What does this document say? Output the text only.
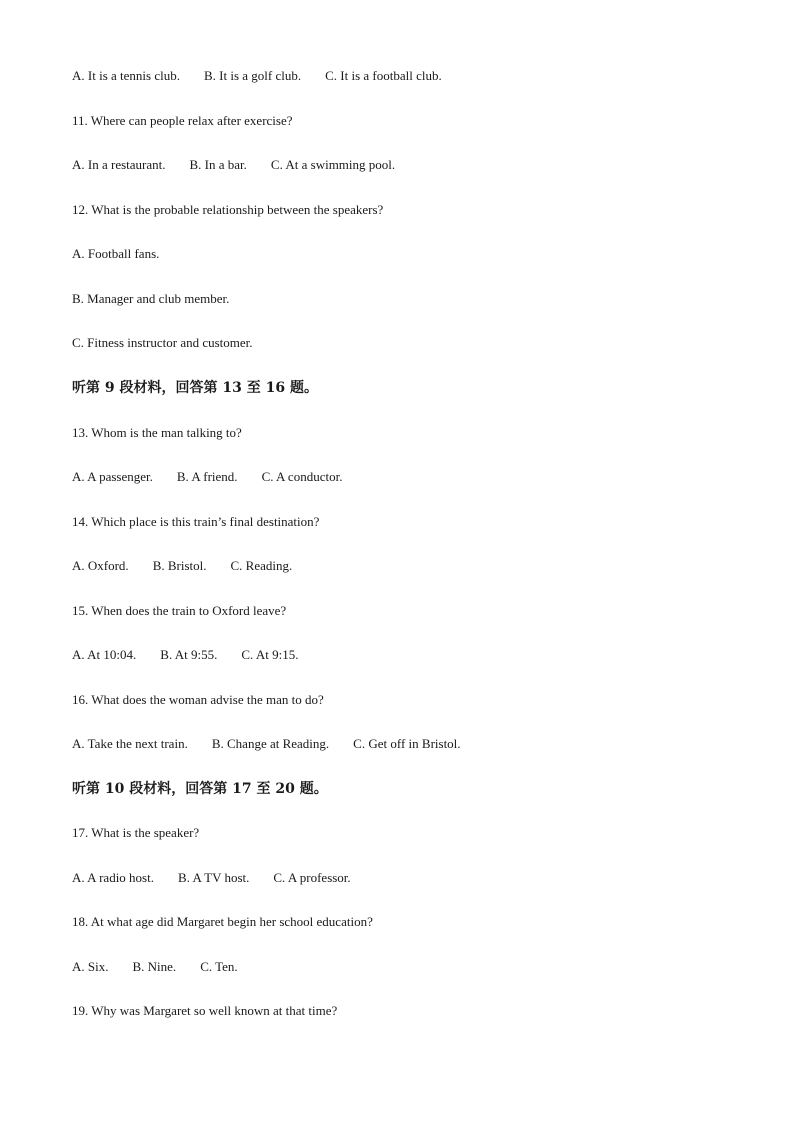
A. It is a tennis club. B. It is a golf club. C. It is a football club.
11. Where can people relax after exercise?
A. In a restaurant. B. In a bar. C. At a swimming pool.
12. What is the probable relationship between the speakers?
A. Football fans.
B. Manager and club member.
C. Fitness instructor and customer.
听第 9 段材料，回答第 13 至 16 题。
13. Whom is the man talking to?
A. A passenger. B. A friend. C. A conductor.
14. Which place is this train’s final destination?
A. Oxford. B. Bristol. C. Reading.
15. When does the train to Oxford leave?
A. At 10:04. B. At 9:55. C. At 9:15.
16. What does the woman advise the man to do?
A. Take the next train. B. Change at Reading. C. Get off in Bristol.
听第 10 段材料，回答第 17 至 20 题。
17. What is the speaker?
A. A radio host. B. A TV host. C. A professor.
18. At what age did Margaret begin her school education?
A. Six. B. Nine. C. Ten.
19. Why was Margaret so well known at that time?
